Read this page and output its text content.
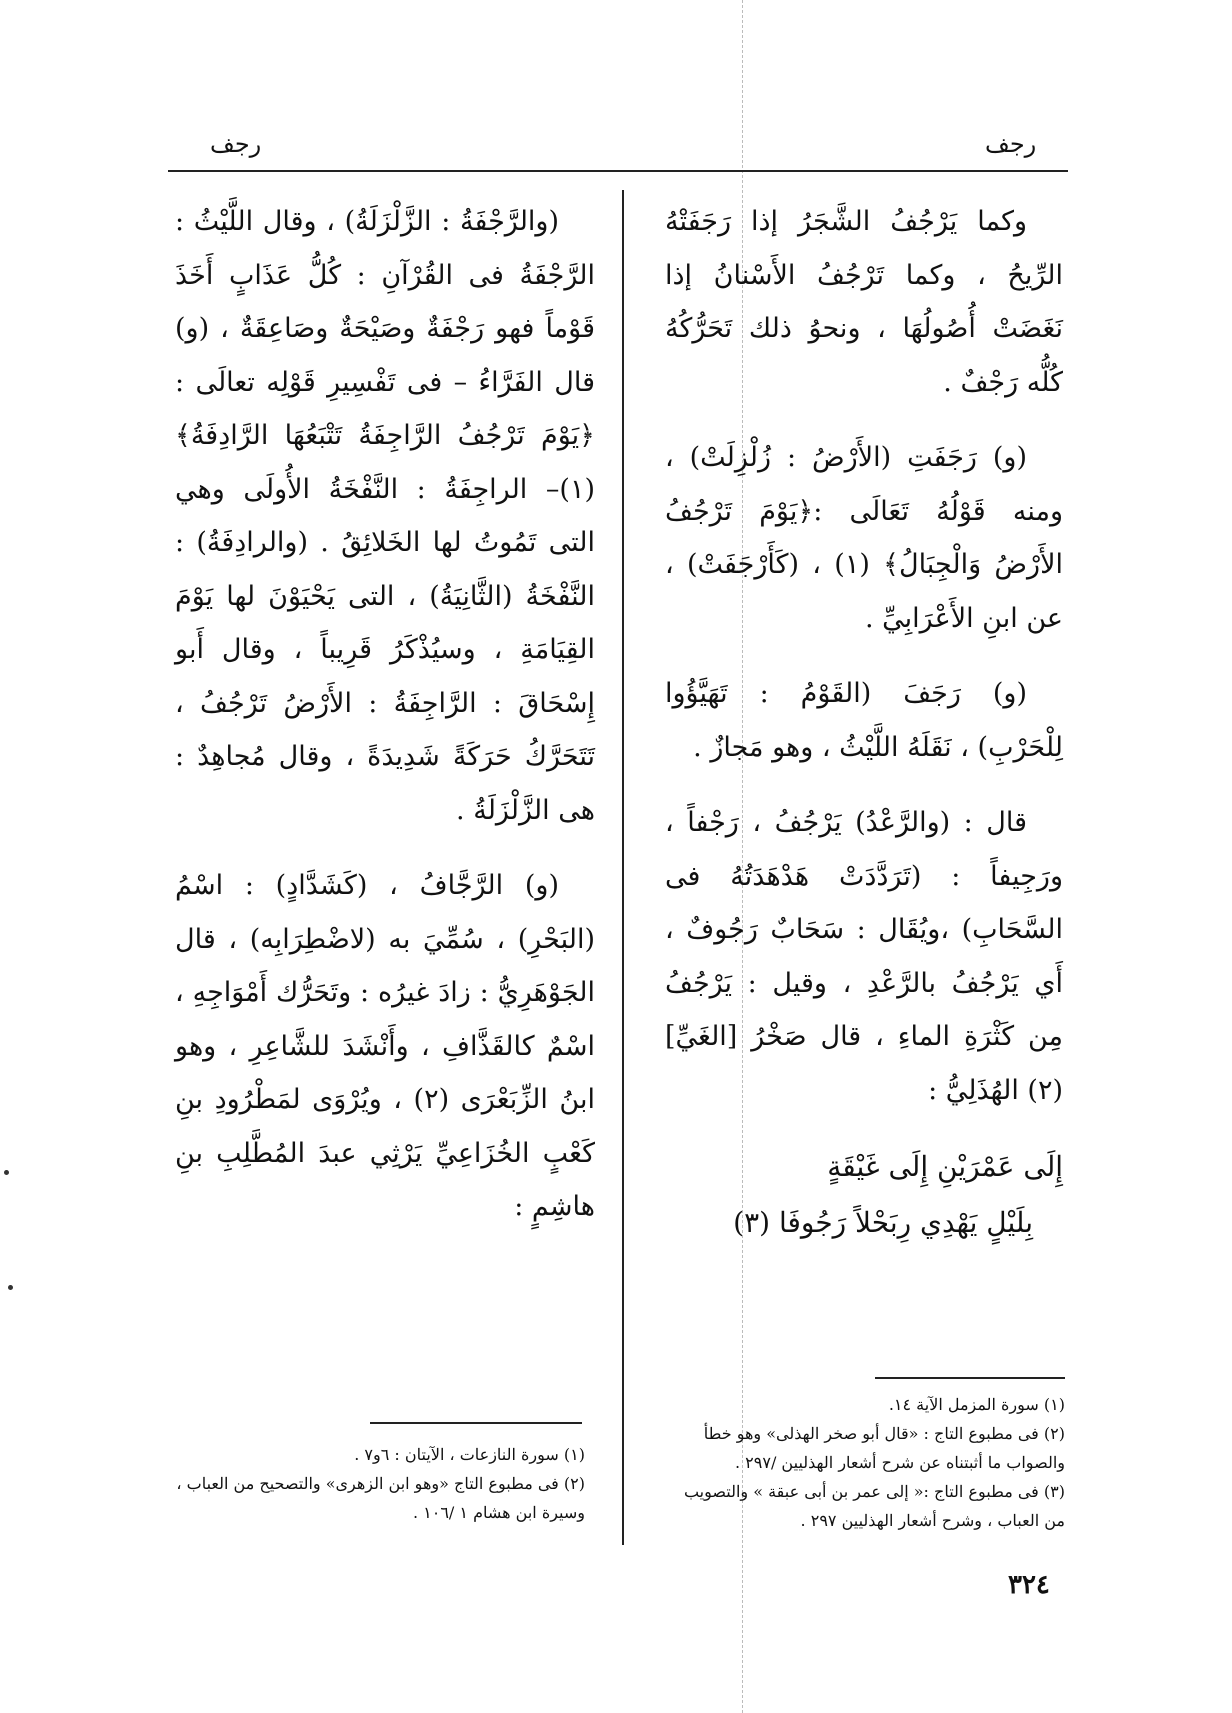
رجف
رجف

وكما يَرْجُفُ الشَّجَرُ إذا رَجَفَتْهُ الرِّيحُ ، وكما تَرْجُفُ الأَسْنانُ إذا نَغَضَتْ أُصُولُهَا ، ونحوُ ذلك تَحَرُّكُهُ كُلُّه رَجْفٌ .

(و) رَجَفَتِ (الأَرْضُ : زُلْزِلَتْ) ، ومنه قَوْلُهُ تَعَالَى :﴿يَوْمَ تَرْجُفُ الأَرْضُ وَالْجِبَالُ﴾ (١) ، (كَأَرْجَفَتْ) ، عن ابنِ الأَعْرَابِيِّ .

(و) رَجَفَ (القَوْمُ : تَهَيَّؤُوا لِلْحَرْبِ) ، نَقَلَهُ اللَّيْثُ ، وهو مَجازٌ .

قال : (والرَّعْدُ) يَرْجُفُ ، رَجْفاً ، ورَجِيفاً : (تَرَدَّدَتْ هَدْهَدَتُهُ فى السَّحَابِ) ،ويُقَال : سَحَابٌ رَجُوفٌ ، أَي يَرْجُفُ بالرَّعْدِ ، وقيل : يَرْجُفُ مِن كَثْرَةِ الماءِ ، قال صَخْرُ [الغَيِّ] (٢) الهُذَلِيُّ :

إِلَى عَمْرَيْنِ إِلَى غَيْقَةٍ
بِلَيْلٍ يَهْدِي رِبَحْلاً رَجُوفَا (٣)

(والرَّجْفَةُ : الزَّلْزَلَةُ) ، وقال اللَّيْثُ : الرَّجْفَةُ فى القُرْآنِ : كُلُّ عَذَابٍ أَخَذَ قَوْماً فهو رَجْفَةٌ وصَيْحَةٌ وصَاعِقَةٌ ، (و) قال الفَرَّاءُ – فى تَفْسِيرِ قَوْلِه تعالَى :﴿يَوْمَ تَرْجُفُ الرَّاجِفَةُ تَتْبَعُهَا الرَّادِفَةُ﴾ (١)– الراجِفَةُ : النَّفْخَةُ الأُولَى وهي التى تَمُوتُ لها الخَلائِقُ . (والرادِفَةُ) : النَّفْخَةُ (الثَّانِيَةُ) ، التى يَحْيَوْنَ لها يَوْمَ القِيَامَةِ ، وسيُذْكَرُ قَرِيباً ، وقال أَبو إِسْحَاقَ : الرَّاجِفَةُ : الأَرْضُ تَرْجُفُ ، تَتَحَرَّكُ حَرَكَةً شَدِيدَةً ، وقال مُجاهِدٌ : هى الزَّلْزَلَةُ .

(و) الرَّجَّافُ ، (كَشَدَّادٍ) : اسْمُ (البَحْرِ) ، سُمِّيَ به (لاضْطِرَابِه) ، قال الجَوْهَرِيُّ : زادَ غيرُه : وتَحَرُّك أَمْوَاجِهِ ، اسْمٌ كالقَذَّافِ ، وأَنْشَدَ للشَّاعِرِ ، وهو ابنُ الزِّبَعْرَى (٢) ، ويُرْوَى لمَطْرُودِ بنِ كَعْبٍ الخُزَاعِيِّ يَرْثِي عبدَ المُطَّلِبِ بنِ هاشِمٍ :

(١) سورة المزمل الآية ١٤.

(٢) فى مطبوع التاج : «قال أبو صخر الهذلى» وهو خطأ والصواب ما أثبتناه عن شرح أشعار الهذليين /٢٩٧ .

(٣) فى مطبوع التاج :« إلى عمر بن أبى عبقة » والتصويب من العباب ، وشرح أشعار الهذليين ٢٩٧ .

(١) سورة النازعات ، الآيتان : ٦و٧ .

(٢) فى مطبوع التاج «وهو ابن الزهرى» والتصحيح من العباب ، وسيرة ابن هشام ١ /١٠٦ .

٣٢٤
